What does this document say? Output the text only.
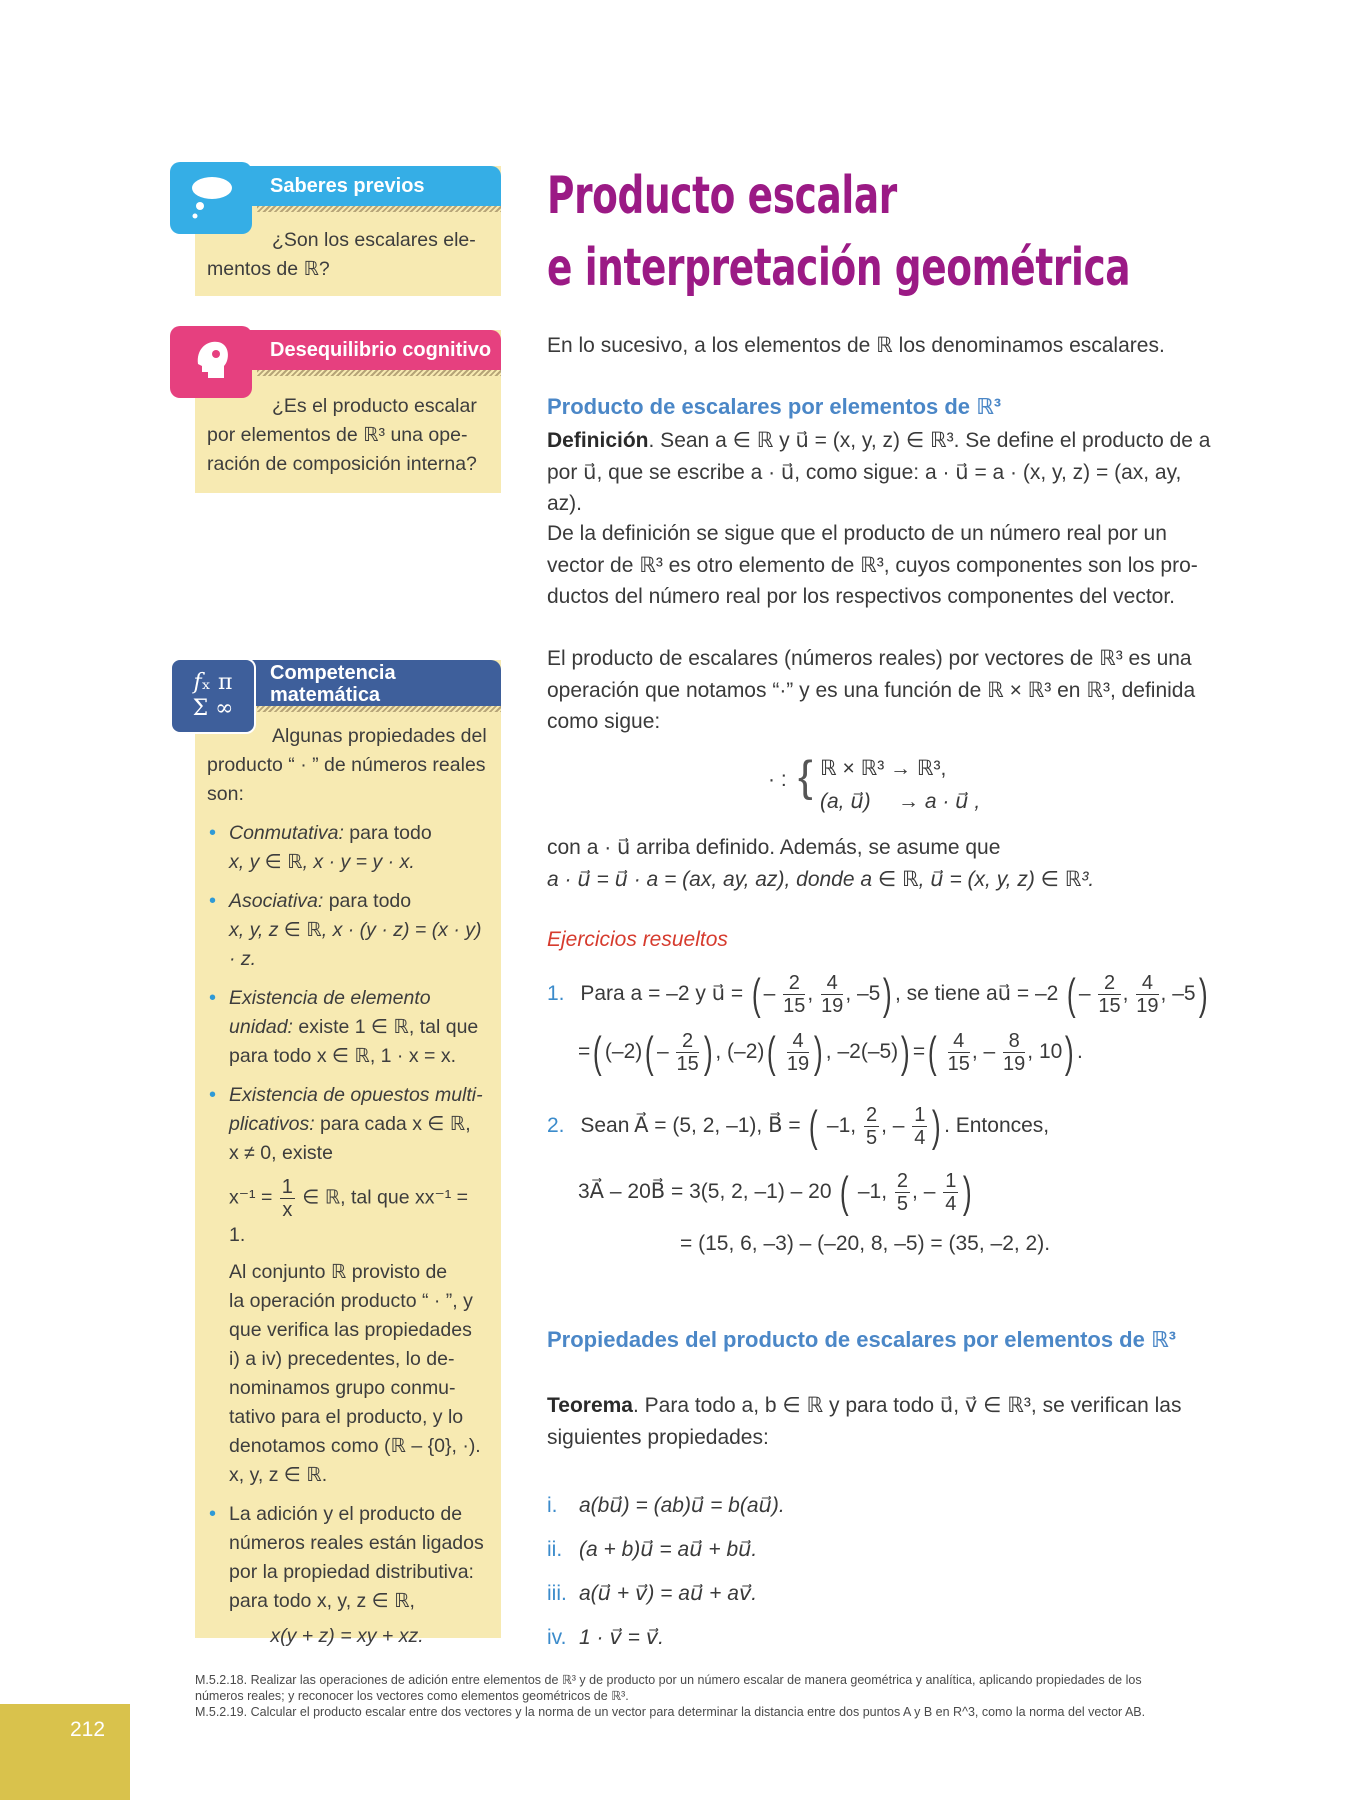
Saberes previos
¿Son los escalares ele-
mentos de ℝ?
Desequilibrio cognitivo
¿Es el producto escalar
por elementos de ℝ³ una ope-
ración de composición interna?
Competencia
matemática
Algunas propiedades del
producto “ · ” de números reales
son:
• Conmutativa: para todo
x, y ∈ ℝ, x · y = y · x.
• Asociativa: para todo
x, y, z ∈ ℝ, x · (y · z) = (x · y) · z.
• Existencia de elemento
unidad: existe 1 ∈ ℝ, tal que
para todo x ∈ ℝ, 1 · x = x.
• Existencia de opuestos multi-
plicativos: para cada x ∈ ℝ,
x ≠ 0, existe
$x^{-1} = \frac{1}{x}$ ∈ ℝ, tal que xx⁻¹ = 1.
Al conjunto ℝ provisto de
la operación producto “ · ”, y
que verifica las propiedades
i) a iv) precedentes, lo de-
nominamos grupo conmu-
tativo para el producto, y lo
denotamos como (ℝ – {0}, ·).
x, y, z ∈ ℝ.
• La adición y el producto de
números reales están ligados
por la propiedad distributiva:
para todo x, y, z ∈ ℝ,
x(y + z) = xy + xz.
𝑓ₓ π
Σ ∞
Producto escalar
e interpretación geométrica
En lo sucesivo, a los elementos de ℝ los denominamos escalares.
Producto de escalares por elementos de ℝ³
Definición. Sean a ∈ ℝ y u⃗ = (x, y, z) ∈ ℝ³. Se define el producto de a
por u⃗, que se escribe a · u⃗, como sigue: a · u⃗ = a · (x, y, z) = (ax, ay, az).
De la definición se sigue que el producto de un número real por un
vector de ℝ³ es otro elemento de ℝ³, cuyos componentes son los pro-
ductos del número real por los respectivos componentes del vector.
El producto de escalares (números reales) por vectores de ℝ³ es una
operación que notamos “·” y es una función de ℝ × ℝ³ en ℝ³, definida
como sigue:
· : { ℝ × ℝ³ → ℝ³,
(a, u⃗) → a · u⃗ ,
con a · u⃗ arriba definido. Además, se asume que
a · u⃗ = u⃗ · a = (ax, ay, az), donde a ∈ ℝ, u⃗ = (x, y, z) ∈ ℝ³.
Ejercicios resueltos
1. Para a = –2 y u⃗ = ( – $\frac{2}{15}$ , $\frac{4}{19}$ , –5) , se tiene au⃗ = –2 ( – $\frac{2}{15}$ , $\frac{4}{19}$ , –5)
=( $(-2)( - \frac{2}{15}$ ) , $(-2)( \frac{4}{19}$ ) , –2(–5)) =( $\frac{4}{15}$ , – $\frac{8}{19}$ , 10) .
2. Sean A⃗ = (5, 2, –1), B⃗ = ( –1, $\frac{2}{5}$ , – $\frac{1}{4}$ ) . Entonces,
3A⃗ – 20B⃗ = 3(5, 2, –1) – 20 ( –1, $\frac{2}{5}$ , – $\frac{1}{4}$ )
= (15, 6, –3) – (–20, 8, –5) = (35, –2, 2).
Propiedades del producto de escalares por elementos de ℝ³
Teorema. Para todo a, b ∈ ℝ y para todo u⃗, v⃗ ∈ ℝ³, se verifican las
siguientes propiedades:
i. a(bu⃗) = (ab)u⃗ = b(au⃗).
ii. (a + b)u⃗ = au⃗ + bu⃗.
iii. a(u⃗ + v⃗) = au⃗ + av⃗.
iv. 1 · v⃗ = v⃗.
M.5.2.18. Realizar las operaciones de adición entre elementos de ℝ³ y de producto por un número escalar de manera geométrica y analítica, aplicando propiedades de los
números reales; y reconocer los vectores como elementos geométricos de ℝ³.
M.5.2.19. Calcular el producto escalar entre dos vectores y la norma de un vector para determinar la distancia entre dos puntos A y B en R^3, como la norma del vector AB.
212
